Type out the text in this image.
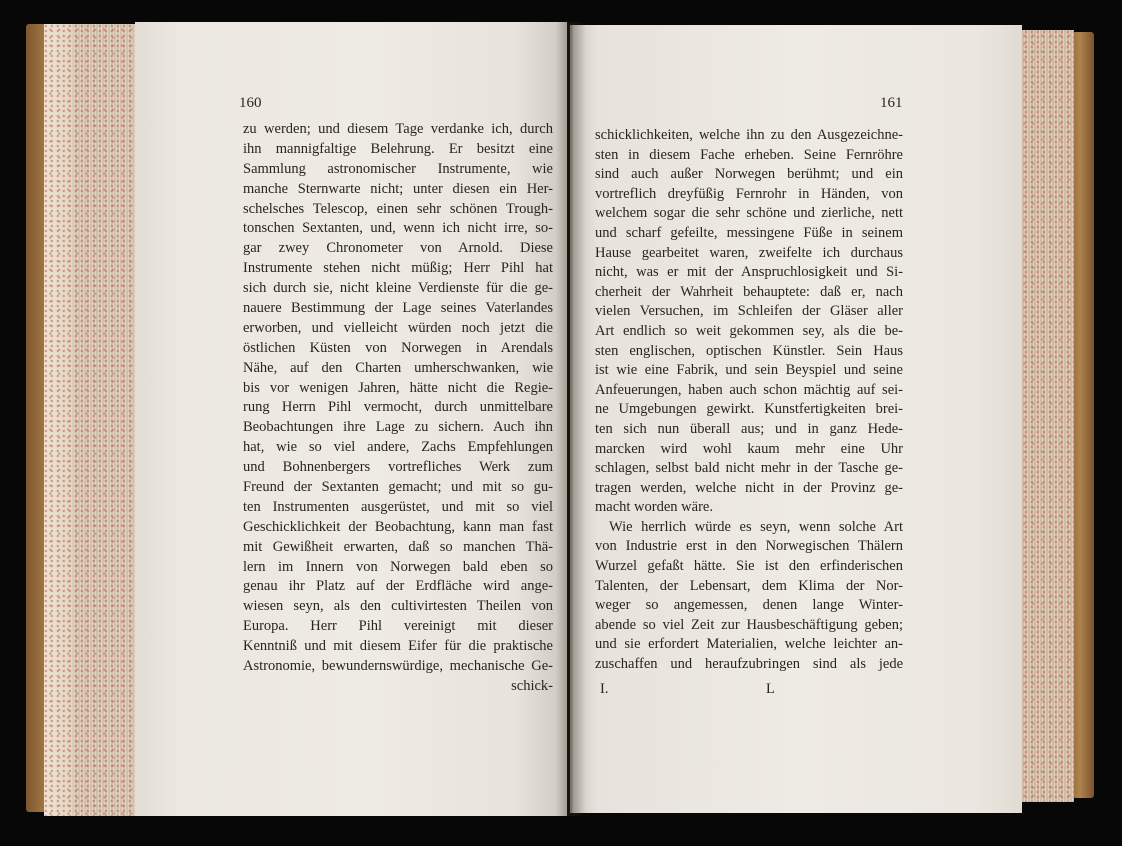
160	161
zu werden; und diesem Tage verdanke ich, durch
ihn mannigfaltige Belehrung. Er besitzt eine
Sammlung astronomischer Instrumente, wie
manche Sternwarte nicht; unter diesen ein Her-
schelsches Telescop, einen sehr schönen Trough-
tonschen Sextanten, und, wenn ich nicht irre, so-
gar zwey Chronometer von Arnold. Diese
Instrumente stehen nicht müßig; Herr Pihl hat
sich durch sie, nicht kleine Verdienste für die ge-
nauere Bestimmung der Lage seines Vaterlandes
erworben, und vielleicht würden noch jetzt die
östlichen Küsten von Norwegen in Arendals
Nähe, auf den Charten umherschwanken, wie
bis vor wenigen Jahren, hätte nicht die Regie-
rung Herrn Pihl vermocht, durch unmittelbare
Beobachtungen ihre Lage zu sichern. Auch ihn
hat, wie so viel andere, Zachs Empfehlungen
und Bohnenbergers vortrefliches Werk zum
Freund der Sextanten gemacht; und mit so gu-
ten Instrumenten ausgerüstet, und mit so viel
Geschicklichkeit der Beobachtung, kann man fast
mit Gewißheit erwarten, daß so manchen Thä-
lern im Innern von Norwegen bald eben so
genau ihr Platz auf der Erdfläche wird ange-
wiesen seyn, als den cultivirtesten Theilen von
Europa. Herr Pihl vereinigt mit dieser
Kenntniß und mit diesem Eifer für die praktische
Astronomie, bewundernswürdige, mechanische Ge-
schick-
schicklichkeiten, welche ihn zu den Ausgezeichne-
sten in diesem Fache erheben. Seine Fernröhre
sind auch außer Norwegen berühmt; und ein
vortreflich dreyfüßig Fernrohr in Händen, von
welchem sogar die sehr schöne und zierliche, nett
und scharf gefeilte, messingene Füße in seinem
Hause gearbeitet waren, zweifelte ich durchaus
nicht, was er mit der Anspruchlosigkeit und Si-
cherheit der Wahrheit behauptete: daß er, nach
vielen Versuchen, im Schleifen der Gläser aller
Art endlich so weit gekommen sey, als die be-
sten englischen, optischen Künstler. Sein Haus
ist wie eine Fabrik, und sein Beyspiel und seine
Anfeuerungen, haben auch schon mächtig auf sei-
ne Umgebungen gewirkt. Kunstfertigkeiten brei-
ten sich nun überall aus; und in ganz Hede-
marcken wird wohl kaum mehr eine Uhr
schlagen, selbst bald nicht mehr in der Tasche ge-
tragen werden, welche nicht in der Provinz ge-
macht worden wäre.
Wie herrlich würde es seyn, wenn solche Art
von Industrie erst in den Norwegischen Thälern
Wurzel gefaßt hätte. Sie ist den erfinderischen
Talenten, der Lebensart, dem Klima der Nor-
weger so angemessen, denen lange Winter-
abende so viel Zeit zur Hausbeschäftigung geben;
und sie erfordert Materialien, welche leichter an-
zuschaffen und heraufzubringen sind als jede
I.	L
